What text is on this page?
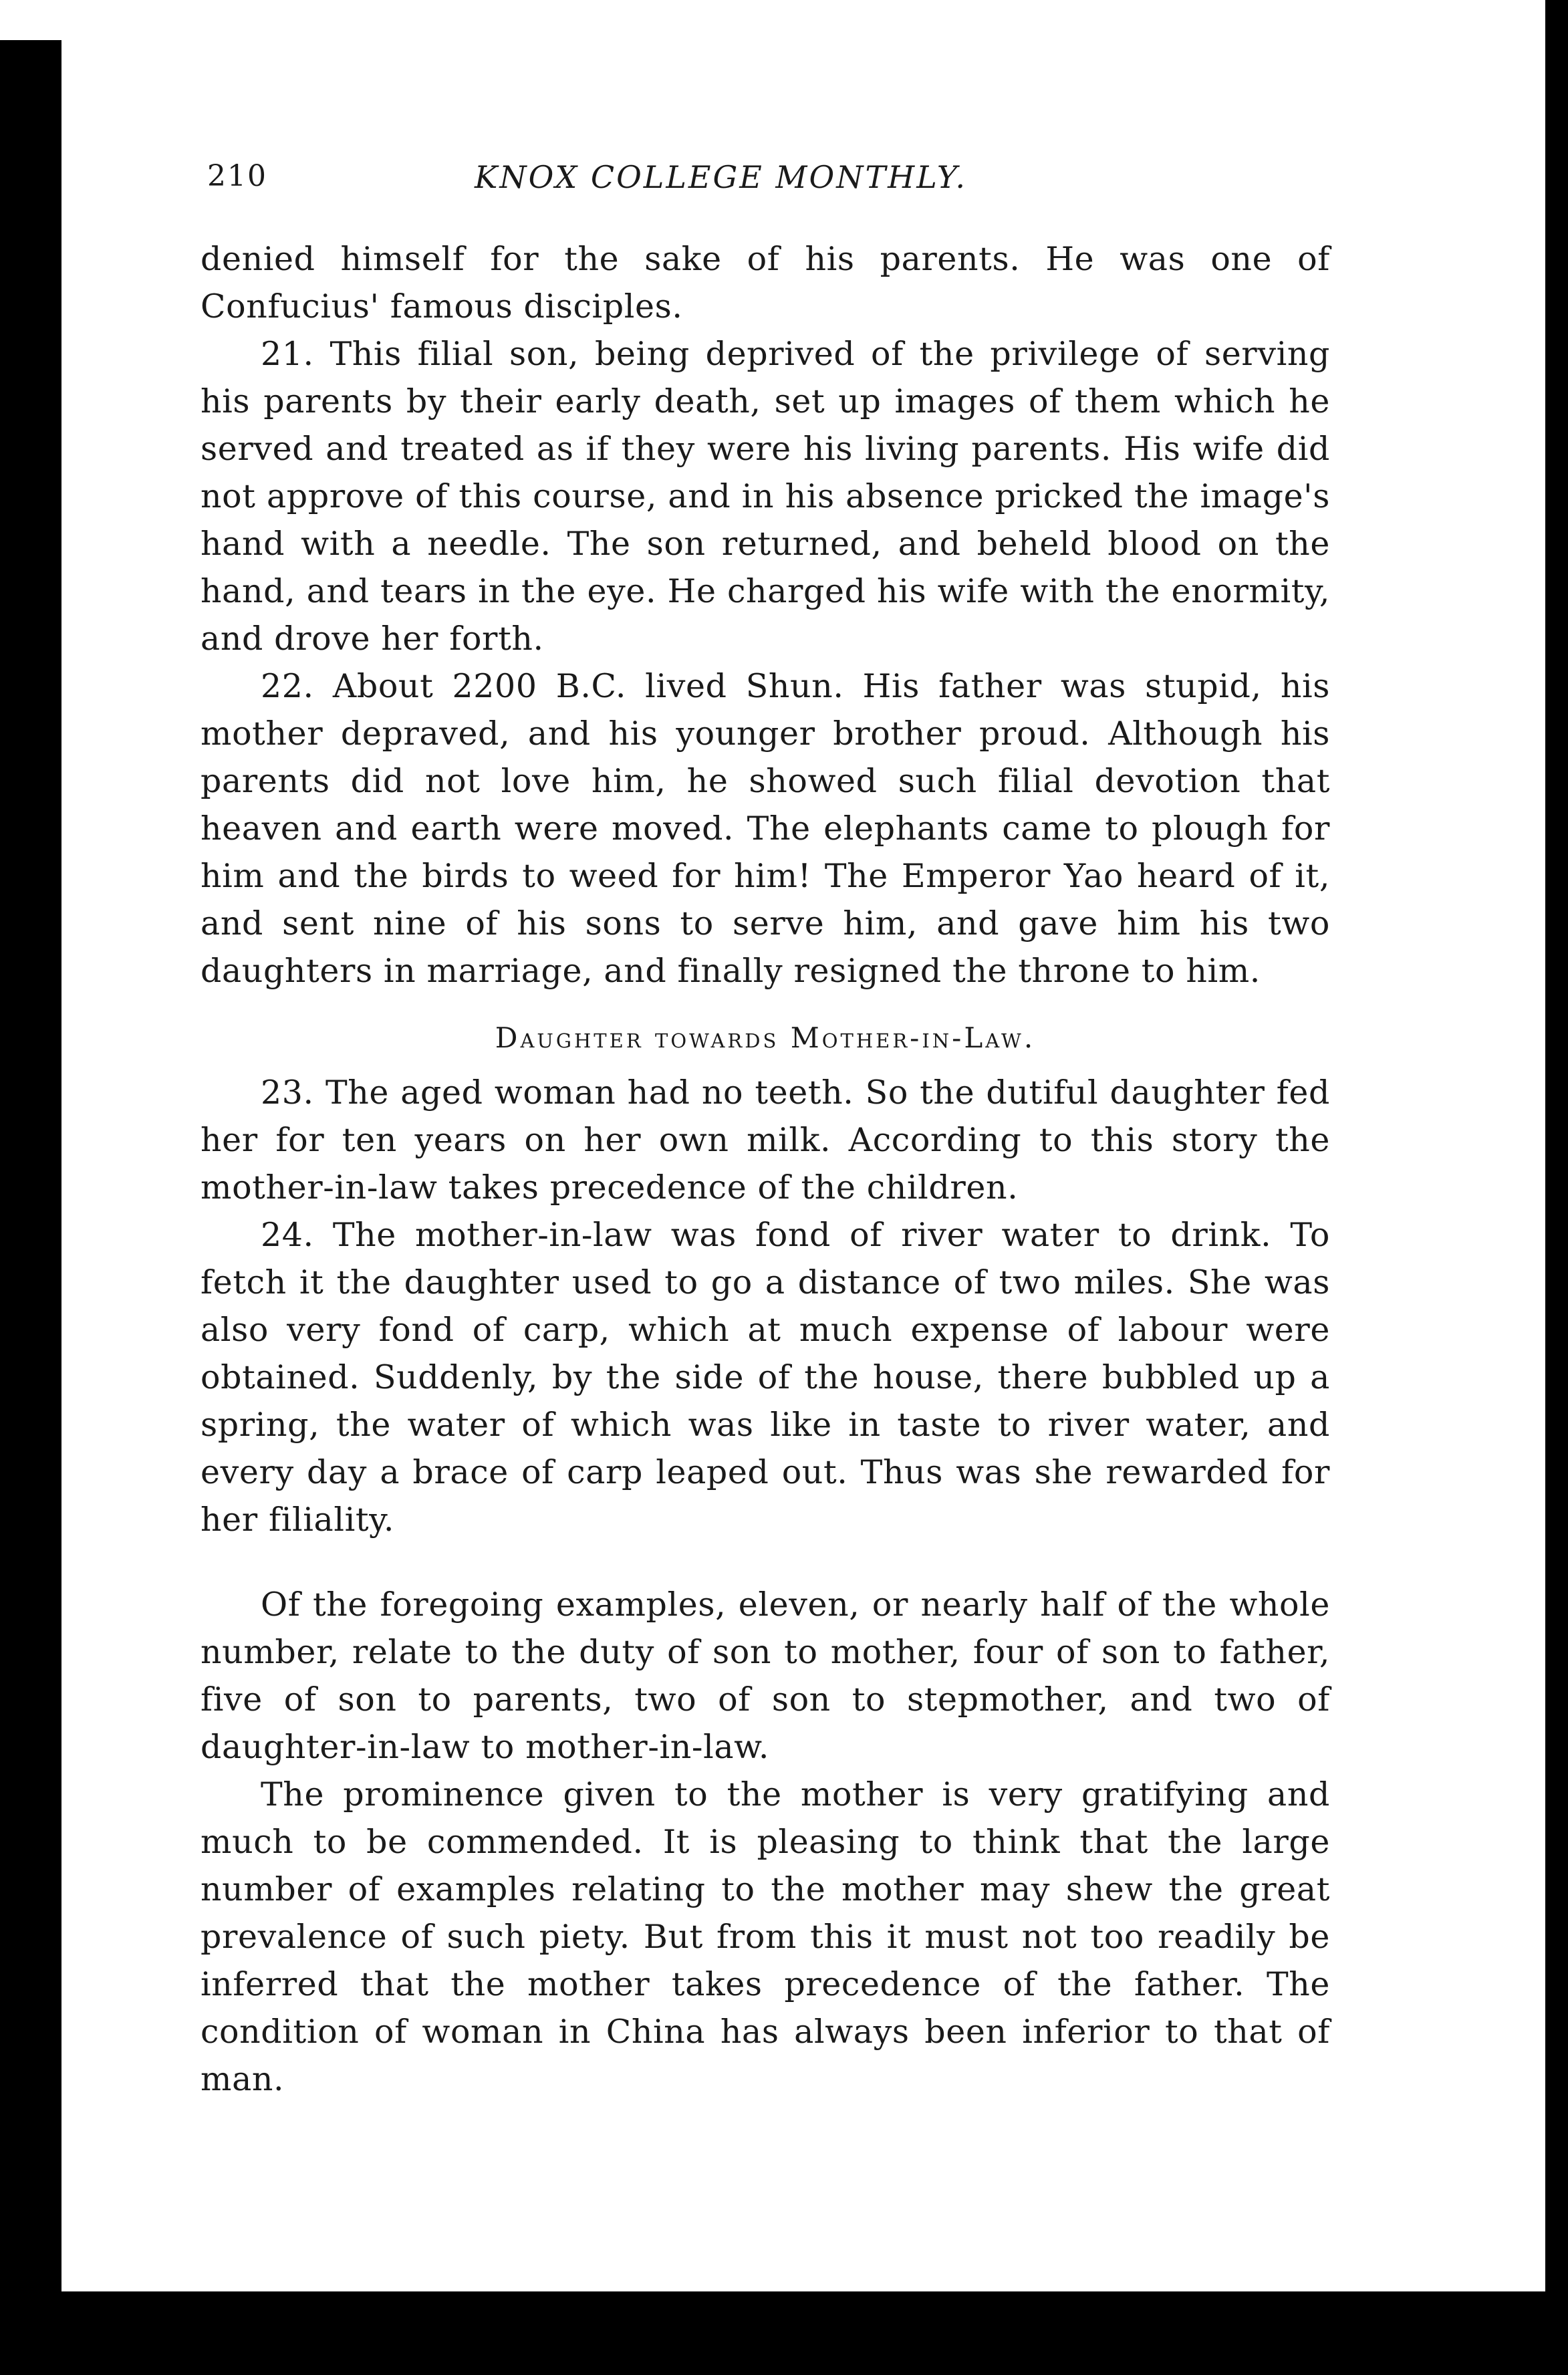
210	KNOX COLLEGE MONTHLY.

denied himself for the sake of his parents. He was one of Confucius' famous disciples.

21. This filial son, being deprived of the privilege of serving his parents by their early death, set up images of them which he served and treated as if they were his living parents. His wife did not approve of this course, and in his absence pricked the image's hand with a needle. The son returned, and beheld blood on the hand, and tears in the eye. He charged his wife with the enormity, and drove her forth.

22. About 2200 B.C. lived Shun. His father was stupid, his mother depraved, and his younger brother proud. Although his parents did not love him, he showed such filial devotion that heaven and earth were moved. The elephants came to plough for him and the birds to weed for him! The Emperor Yao heard of it, and sent nine of his sons to serve him, and gave him his two daughters in marriage, and finally resigned the throne to him.

Daughter towards Mother-in-Law.

23. The aged woman had no teeth. So the dutiful daughter fed her for ten years on her own milk. According to this story the mother-in-law takes precedence of the children.

24. The mother-in-law was fond of river water to drink. To fetch it the daughter used to go a distance of two miles. She was also very fond of carp, which at much expense of labour were obtained. Suddenly, by the side of the house, there bubbled up a spring, the water of which was like in taste to river water, and every day a brace of carp leaped out. Thus was she rewarded for her filiality.

Of the foregoing examples, eleven, or nearly half of the whole number, relate to the duty of son to mother, four of son to father, five of son to parents, two of son to stepmother, and two of daughter-in-law to mother-in-law.

The prominence given to the mother is very gratifying and much to be commended. It is pleasing to think that the large number of examples relating to the mother may shew the great prevalence of such piety. But from this it must not too readily be inferred that the mother takes precedence of the father. The condition of woman in China has always been inferior to that of man.
